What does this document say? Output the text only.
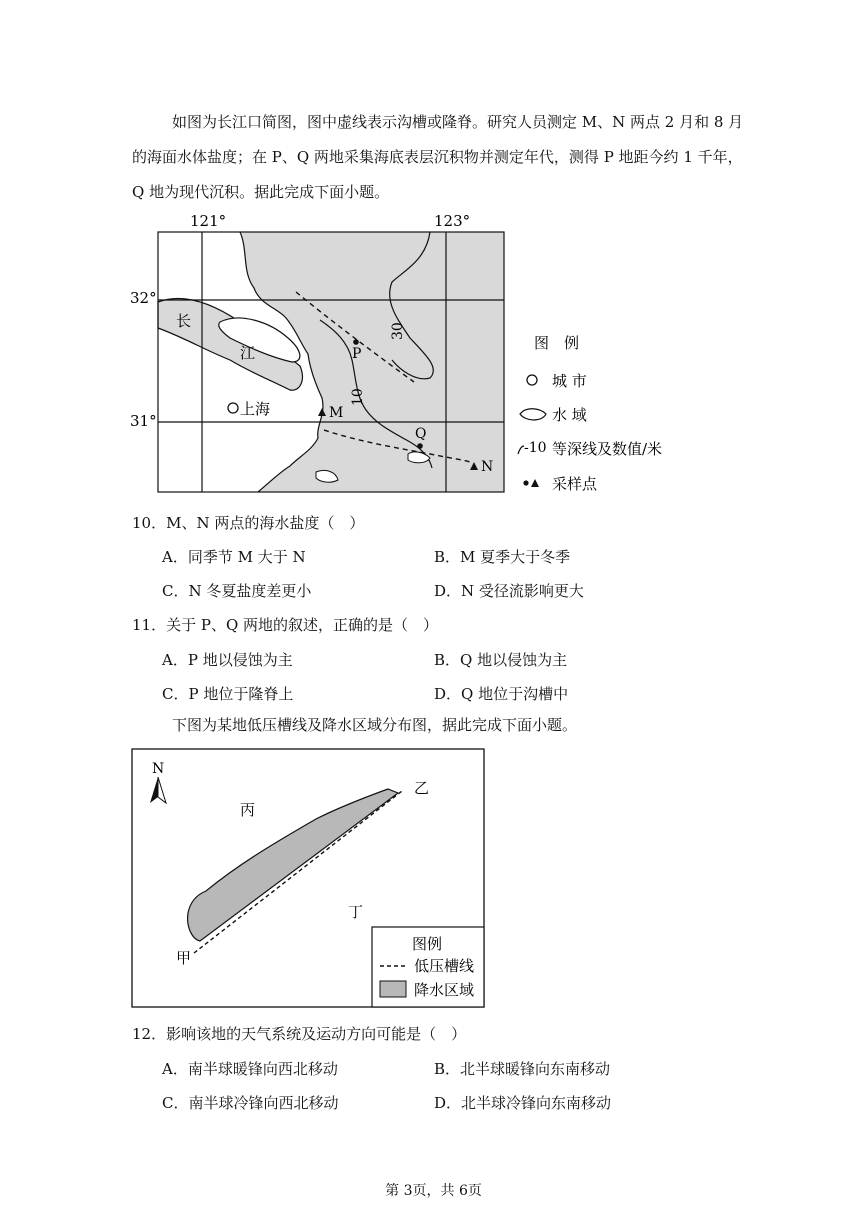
如图为长江口简图，图中虚线表示沟槽或隆脊。研究人员测定 M、N 两点 2 月和 8 月
的海面水体盐度；在 P、Q 两地采集海底表层沉积物并测定年代，测得 P 地距今约 1 千年，
Q 地为现代沉积。据此完成下面小题。
121°	123°
32°
31°
长
江
上海
30
10
P
Q
M
N
图　例
城 市
水 域
-10 等深线及数值/米
采样点
10．M、N 两点的海水盐度（　）
A．同季节 M 大于 N	B．M 夏季大于冬季
C．N 冬夏盐度差更小	D．N 受径流影响更大
11．关于 P、Q 两地的叙述，正确的是（　）
A．P 地以侵蚀为主	B．Q 地以侵蚀为主
C．P 地位于隆脊上	D．Q 地位于沟槽中
下图为某地低压槽线及降水区域分布图，据此完成下面小题。
N
丙
丁
甲
乙
图例
低压槽线
降水区域
12．影响该地的天气系统及运动方向可能是（　）
A．南半球暖锋向西北移动	B．北半球暖锋向东南移动
C．南半球冷锋向西北移动	D．北半球冷锋向东南移动
第 3页，共 6页
